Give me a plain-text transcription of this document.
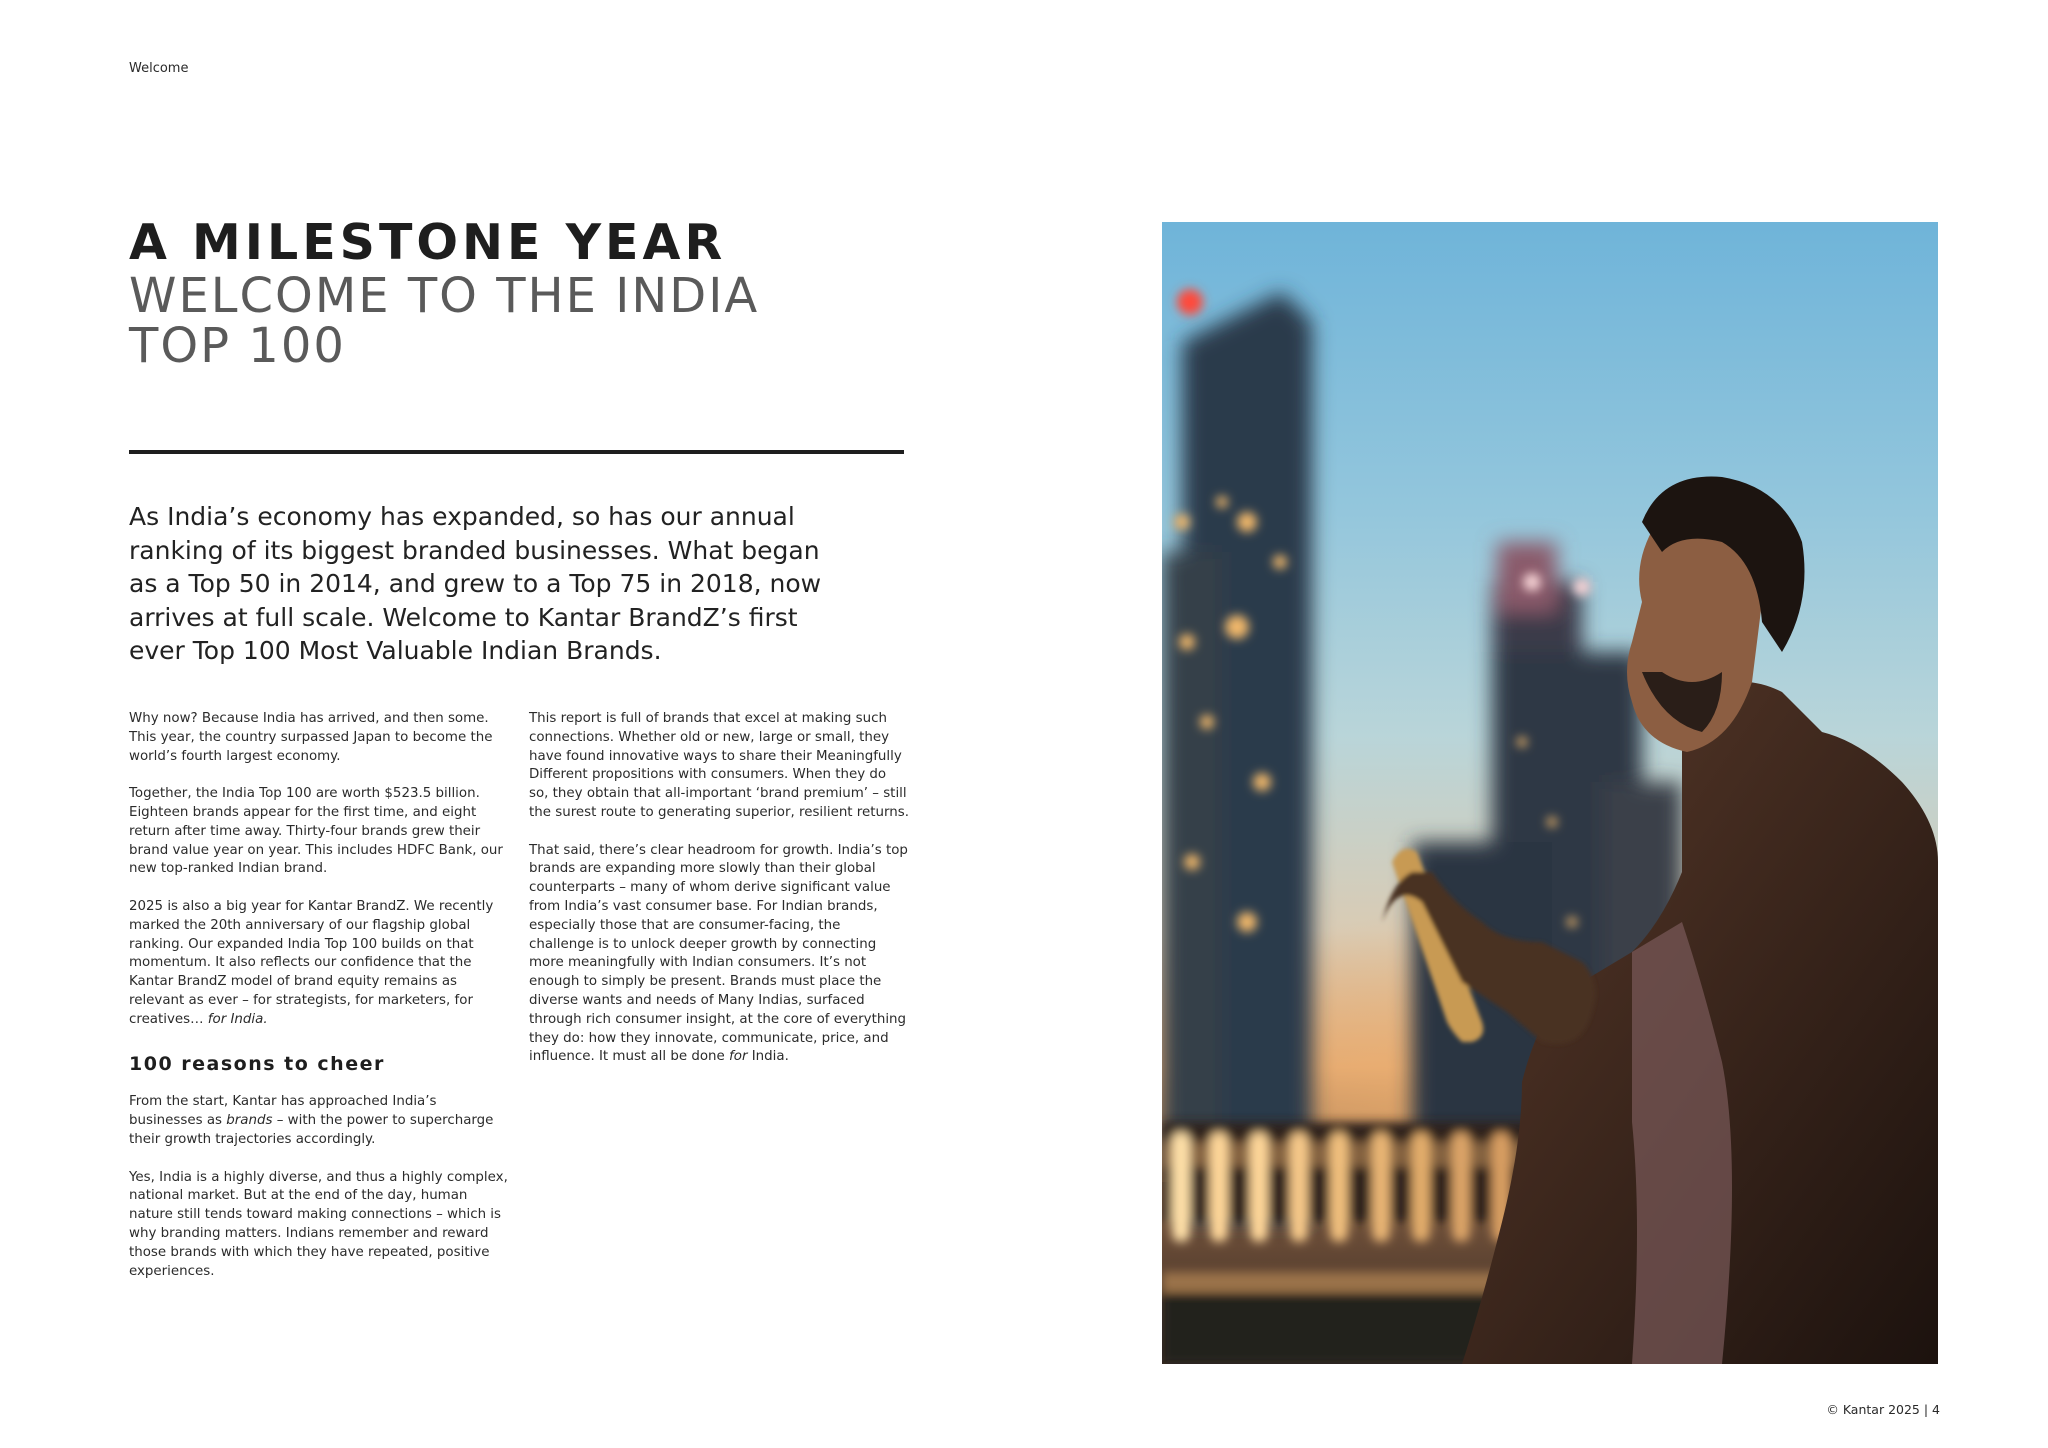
Welcome
A MILESTONE YEAR
WELCOME TO THE INDIA TOP 100
As India’s economy has expanded, so has our annual ranking of its biggest branded businesses. What began as a Top 50 in 2014, and grew to a Top 75 in 2018, now arrives at full scale. Welcome to Kantar BrandZ’s first ever Top 100 Most Valuable Indian Brands.

Why now? Because India has arrived, and then some. This year, the country surpassed Japan to become the world’s fourth largest economy.

Together, the India Top 100 are worth $523.5 billion. Eighteen brands appear for the first time, and eight return after time away. Thirty-four brands grew their brand value year on year. This includes HDFC Bank, our new top-ranked Indian brand.

2025 is also a big year for Kantar BrandZ. We recently marked the 20th anniversary of our flagship global ranking. Our expanded India Top 100 builds on that momentum. It also reflects our confidence that the Kantar BrandZ model of brand equity remains as relevant as ever – for strategists, for marketers, for creatives… for India.

100 reasons to cheer

From the start, Kantar has approached India’s businesses as brands – with the power to supercharge their growth trajectories accordingly.

Yes, India is a highly diverse, and thus a highly complex, national market. But at the end of the day, human nature still tends toward making connections – which is why branding matters. Indians remember and reward those brands with which they have repeated, positive experiences.

This report is full of brands that excel at making such connections. Whether old or new, large or small, they have found innovative ways to share their Meaningfully Different propositions with consumers. When they do so, they obtain that all-important ‘brand premium’ – still the surest route to generating superior, resilient returns.

That said, there’s clear headroom for growth. India’s top brands are expanding more slowly than their global counterparts – many of whom derive significant value from India’s vast consumer base. For Indian brands, especially those that are consumer-facing, the challenge is to unlock deeper growth by connecting more meaningfully with Indian consumers. It’s not enough to simply be present. Brands must place the diverse wants and needs of Many Indias, surfaced through rich consumer insight, at the core of everything they do: how they innovate, communicate, price, and influence. It must all be done for India.

© Kantar 2025 | 4
